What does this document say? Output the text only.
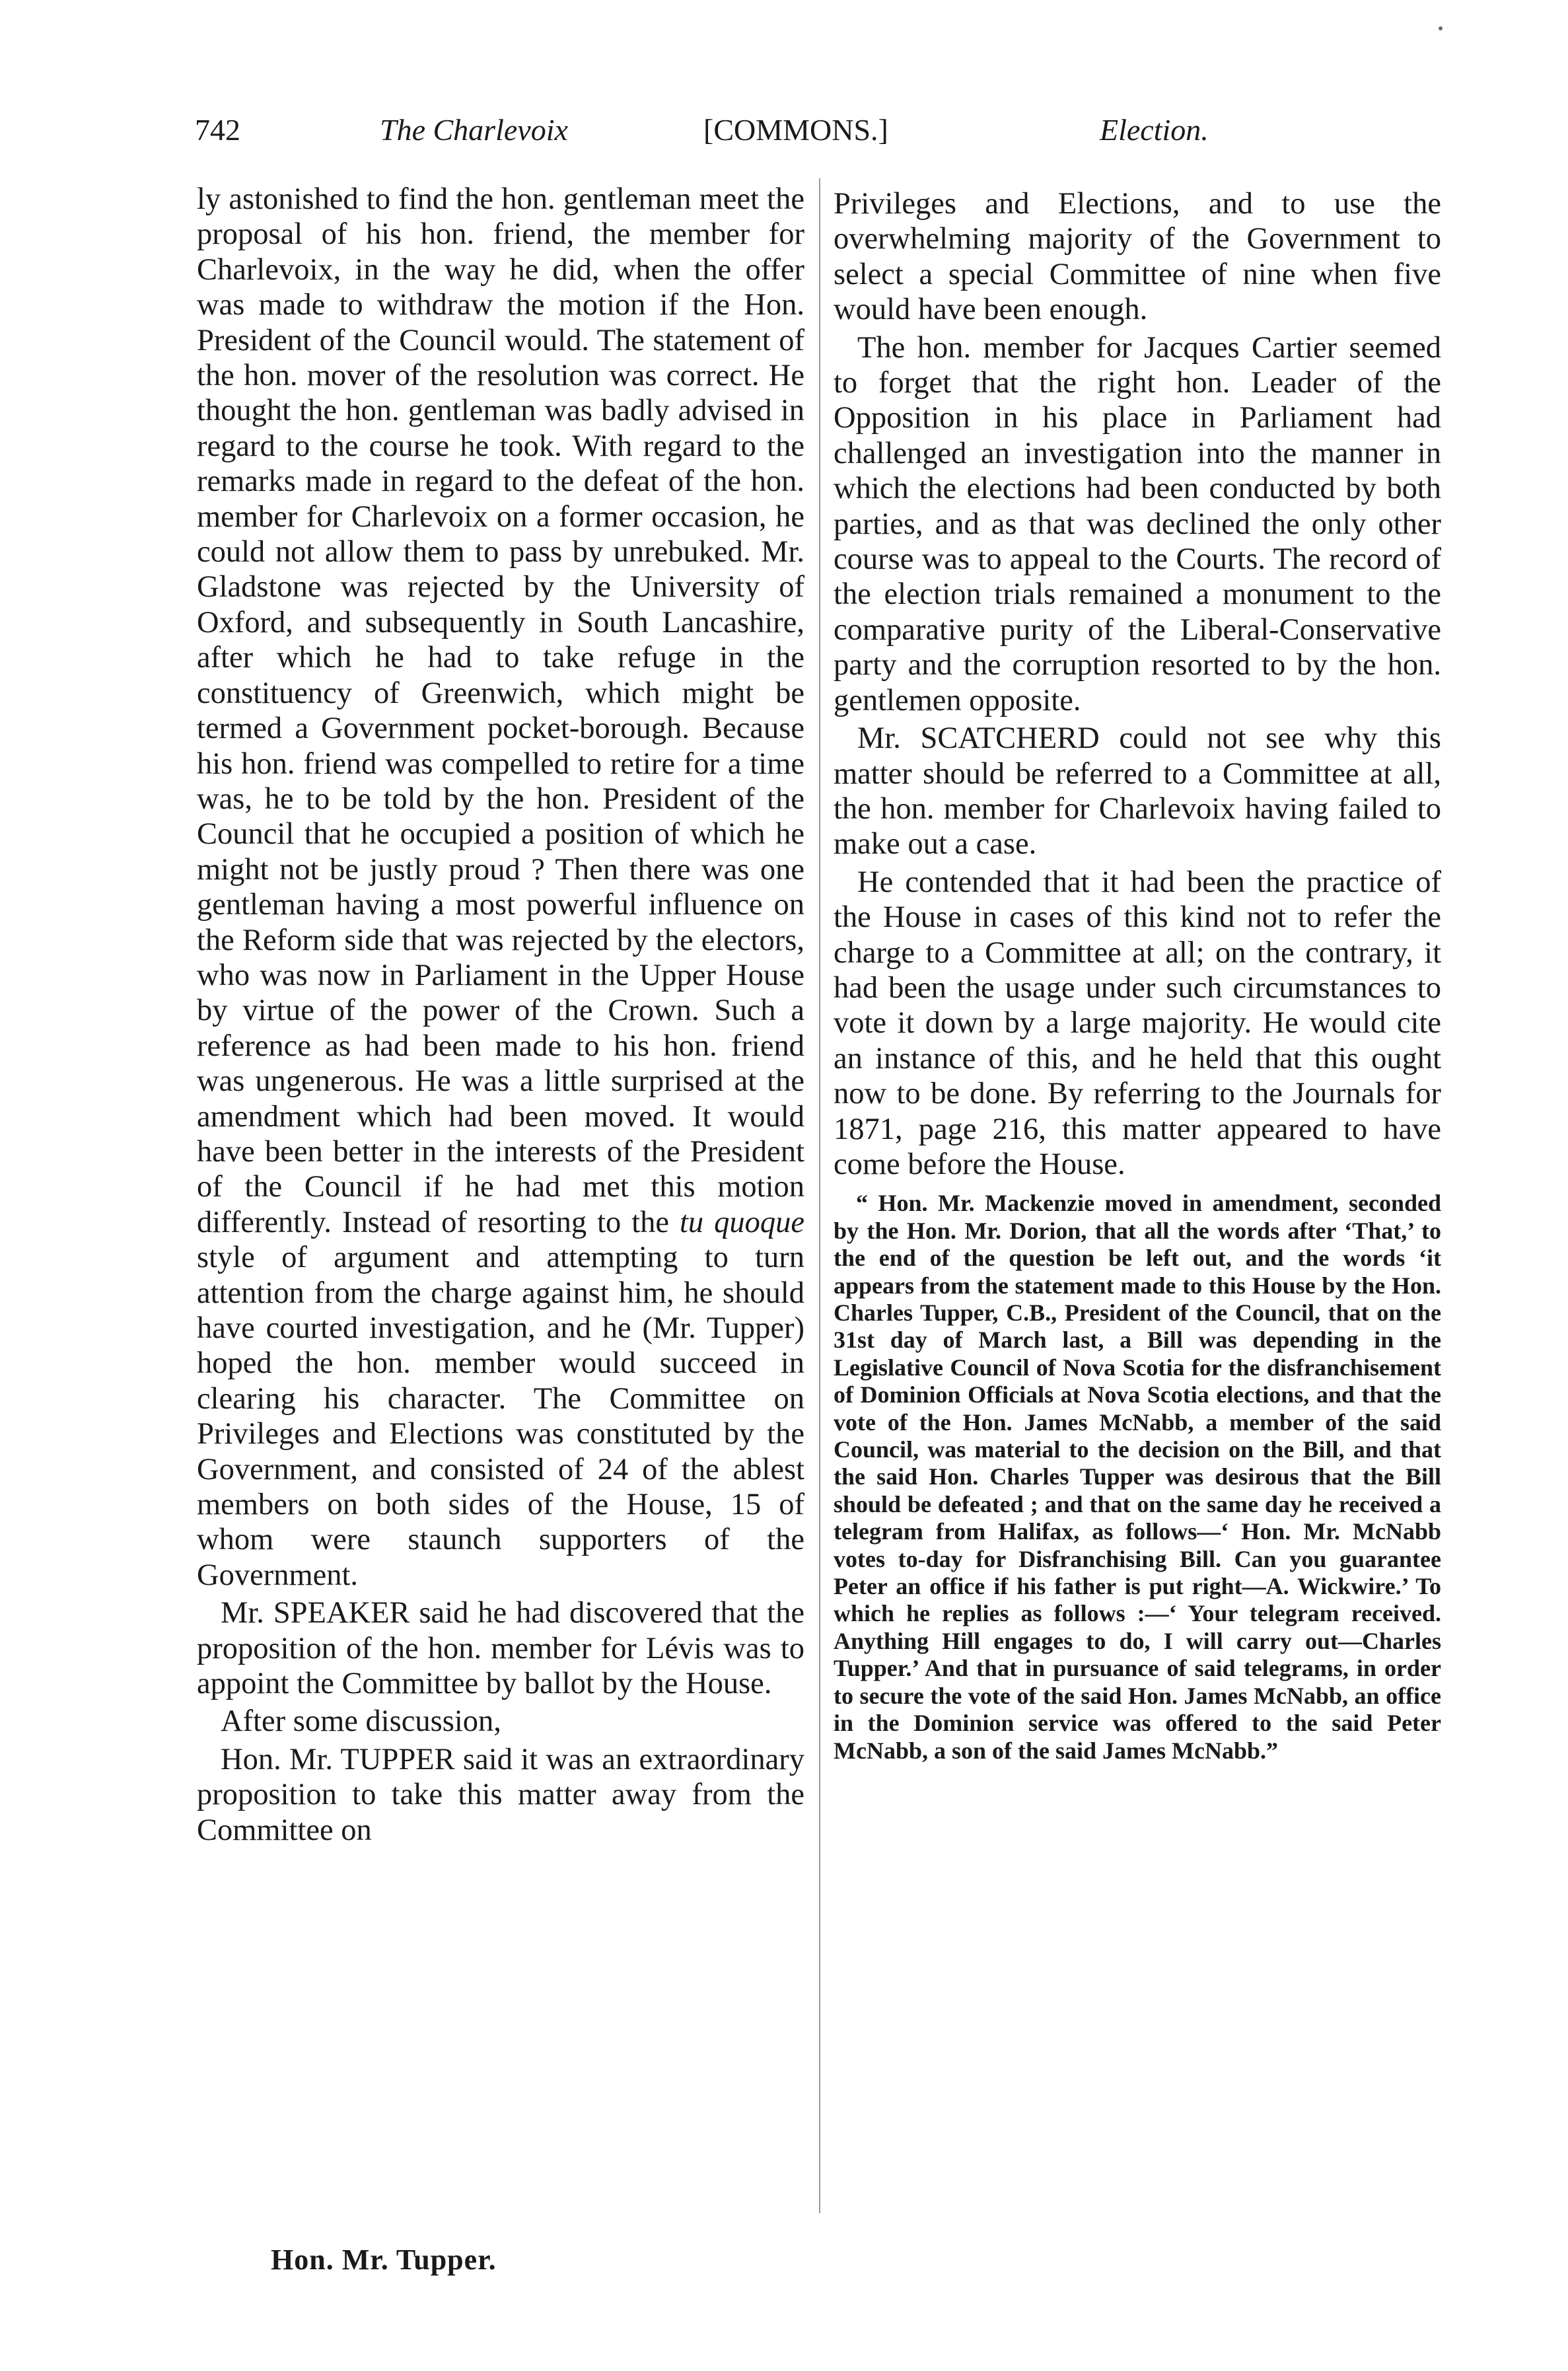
742	The Charlevoix	[COMMONS.]	Election.

ly astonished to find the hon. gentleman meet the proposal of his hon. friend, the member for Charlevoix, in the way he did, when the offer was made to withdraw the motion if the Hon. President of the Council would. The statement of the hon. mover of the resolution was correct. He thought the hon. gentleman was badly advised in regard to the course he took. With regard to the remarks made in regard to the defeat of the hon. member for Charlevoix on a former occasion, he could not allow them to pass by unrebuked. Mr. Gladstone was rejected by the University of Oxford, and subsequently in South Lancashire, after which he had to take refuge in the constituency of Greenwich, which might be termed a Government pocket-borough. Because his hon. friend was compelled to retire for a time was, he to be told by the hon. President of the Council that he occupied a position of which he might not be justly proud ? Then there was one gentleman having a most powerful influence on the Reform side that was rejected by the electors, who was now in Parliament in the Upper House by virtue of the power of the Crown. Such a reference as had been made to his hon. friend was ungenerous. He was a little surprised at the amendment which had been moved. It would have been better in the interests of the President of the Council if he had met this motion differently. Instead of resorting to the tu quoque style of argument and attempting to turn attention from the charge against him, he should have courted investigation, and he (Mr. Tupper) hoped the hon. member would succeed in clearing his character. The Committee on Privileges and Elections was constituted by the Government, and consisted of 24 of the ablest members on both sides of the House, 15 of whom were staunch supporters of the Government.

Mr. SPEAKER said he had discovered that the proposition of the hon. member for Lévis was to appoint the Committee by ballot by the House.

After some discussion,

Hon. Mr. TUPPER said it was an extraordinary proposition to take this matter away from the Committee on

Privileges and Elections, and to use the overwhelming majority of the Government to select a special Committee of nine when five would have been enough.

The hon. member for Jacques Cartier seemed to forget that the right hon. Leader of the Opposition in his place in Parliament had challenged an investigation into the manner in which the elections had been conducted by both parties, and as that was declined the only other course was to appeal to the Courts. The record of the election trials remained a monument to the comparative purity of the Liberal-Conservative party and the corruption resorted to by the hon. gentlemen opposite.

Mr. SCATCHERD could not see why this matter should be referred to a Committee at all, the hon. member for Charlevoix having failed to make out a case.

He contended that it had been the practice of the House in cases of this kind not to refer the charge to a Committee at all; on the contrary, it had been the usage under such circumstances to vote it down by a large majority. He would cite an instance of this, and he held that this ought now to be done. By referring to the Journals for 1871, page 216, this matter appeared to have come before the House.

“ Hon. Mr. Mackenzie moved in amendment, seconded by the Hon. Mr. Dorion, that all the words after ‘That,’ to the end of the question be left out, and the words ‘it appears from the statement made to this House by the Hon. Charles Tupper, C.B., President of the Council, that on the 31st day of March last, a Bill was depending in the Legislative Council of Nova Scotia for the disfranchisement of Dominion Officials at Nova Scotia elections, and that the vote of the Hon. James McNabb, a member of the said Council, was material to the decision on the Bill, and that the said Hon. Charles Tupper was desirous that the Bill should be defeated ; and that on the same day he received a telegram from Halifax, as follows—‘ Hon. Mr. McNabb votes to-day for Disfranchising Bill. Can you guarantee Peter an office if his father is put right—A. Wickwire.’ To which he replies as follows :—‘ Your telegram received. Anything Hill engages to do, I will carry out—Charles Tupper.’ And that in pursuance of said telegrams, in order to secure the vote of the said Hon. James McNabb, an office in the Dominion service was offered to the said Peter McNabb, a son of the said James McNabb.”

Hon. Mr. Tupper.
